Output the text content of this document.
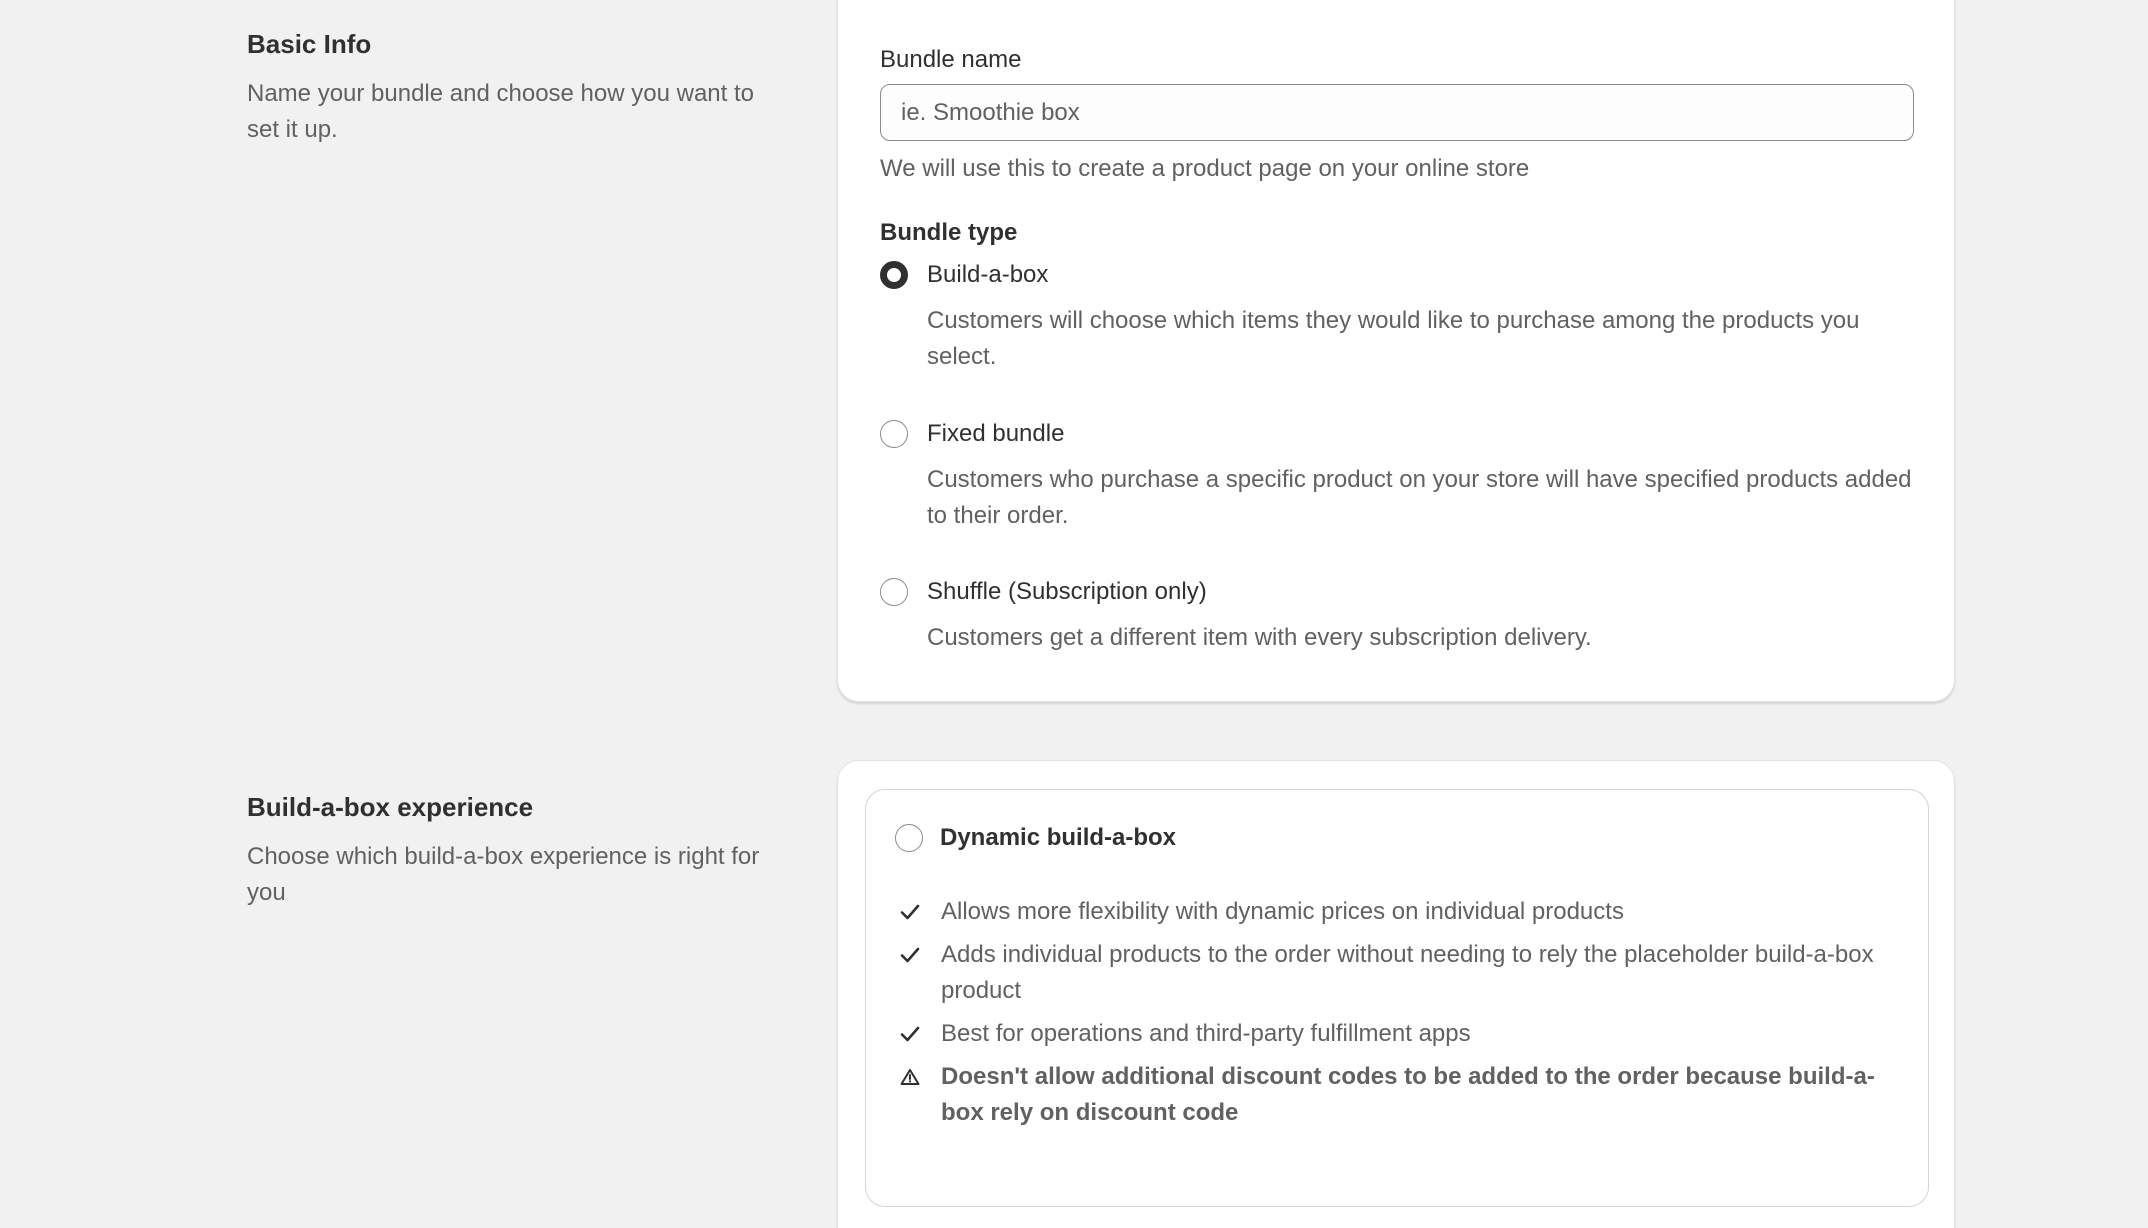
Basic Info
Name your bundle and choose how you want to set it up.
Bundle name
ie. Smoothie box
We will use this to create a product page on your online store
Bundle type
Build-a-box
Customers will choose which items they would like to purchase among the products you select.
Fixed bundle
Customers who purchase a specific product on your store will have specified products added to their order.
Shuffle (Subscription only)
Customers get a different item with every subscription delivery.
Build-a-box experience
Choose which build-a-box experience is right for you
Dynamic build-a-box
Allows more flexibility with dynamic prices on individual products
Adds individual products to the order without needing to rely the placeholder build-a-box product
Best for operations and third-party fulfillment apps
Doesn't allow additional discount codes to be added to the order because build-a-box rely on discount code
